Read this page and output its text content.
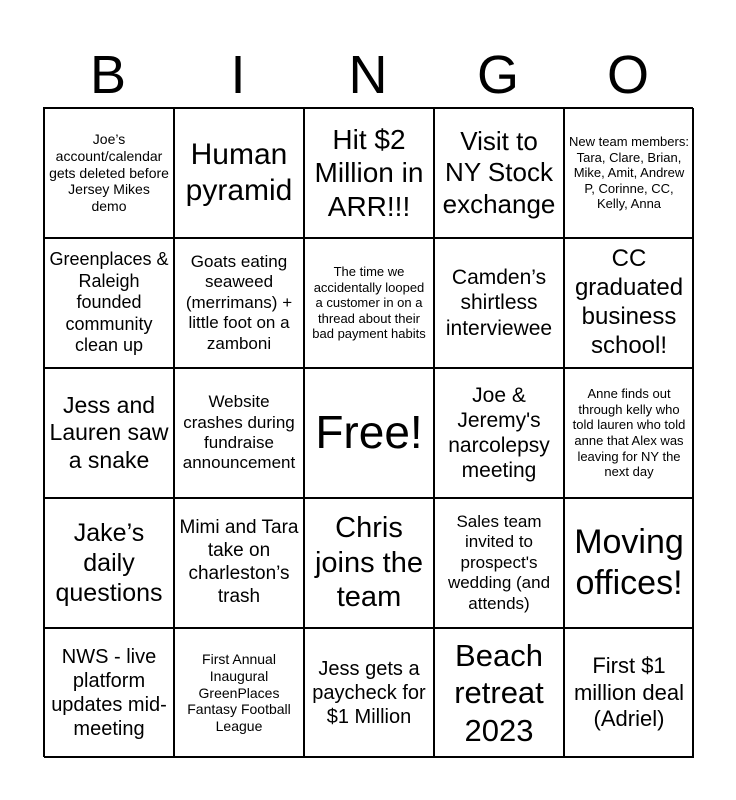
B	I	N	G	O
Joe’s account/calendar gets deleted before Jersey Mikes demo
Human pyramid
Hit $2 Million in ARR!!!
Visit to NY Stock exchange
New team members: Tara, Clare, Brian, Mike, Amit, Andrew P, Corinne, CC, Kelly, Anna
Greenplaces & Raleigh founded community clean up
Goats eating seaweed (merrimans) + little foot on a zamboni
The time we accidentally looped a customer in on a thread about their bad payment habits
Camden’s shirtless interviewee
CC graduated business school!
Jess and Lauren saw a snake
Website crashes during fundraise announcement
Free!
Joe & Jeremy's narcolepsy meeting
Anne finds out through kelly who told lauren who told anne that Alex was leaving for NY the next day
Jake’s daily questions
Mimi and Tara take on charleston’s trash
Chris joins the team
Sales team invited to prospect's wedding (and attends)
Moving offices!
NWS - live platform updates mid-meeting
First Annual Inaugural GreenPlaces Fantasy Football League
Jess gets a paycheck for $1 Million
Beach retreat 2023
First $1 million deal (Adriel)
